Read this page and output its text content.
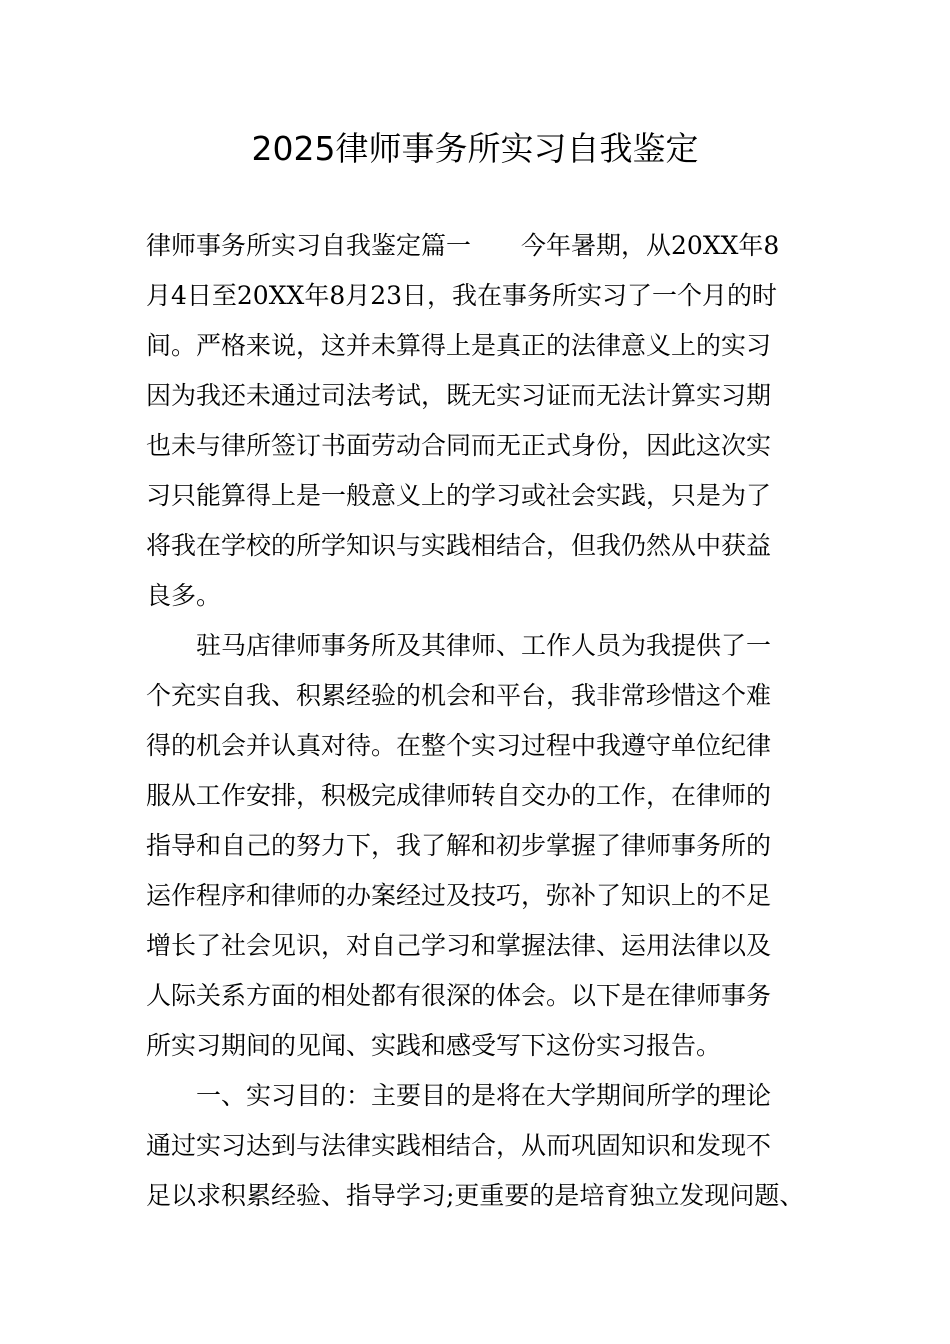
2025律师事务所实习自我鉴定

律师事务所实习自我鉴定篇一　　今年暑期，从20XX年8

月4日至20XX年8月23日，我在事务所实习了一个月的时

间。严格来说，这并未算得上是真正的法律意义上的实习

因为我还未通过司法考试，既无实习证而无法计算实习期

也未与律所签订书面劳动合同而无正式身份，因此这次实

习只能算得上是一般意义上的学习或社会实践，只是为了

将我在学校的所学知识与实践相结合，但我仍然从中获益

良多。

驻马店律师事务所及其律师、工作人员为我提供了一

个充实自我、积累经验的机会和平台，我非常珍惜这个难

得的机会并认真对待。在整个实习过程中我遵守单位纪律

服从工作安排，积极完成律师转自交办的工作，在律师的

指导和自己的努力下，我了解和初步掌握了律师事务所的

运作程序和律师的办案经过及技巧，弥补了知识上的不足

增长了社会见识，对自己学习和掌握法律、运用法律以及

人际关系方面的相处都有很深的体会。以下是在律师事务

所实习期间的见闻、实践和感受写下这份实习报告。

一、实习目的：主要目的是将在大学期间所学的理论

通过实习达到与法律实践相结合，从而巩固知识和发现不

足以求积累经验、指导学习;更重要的是培育独立发现问题、
